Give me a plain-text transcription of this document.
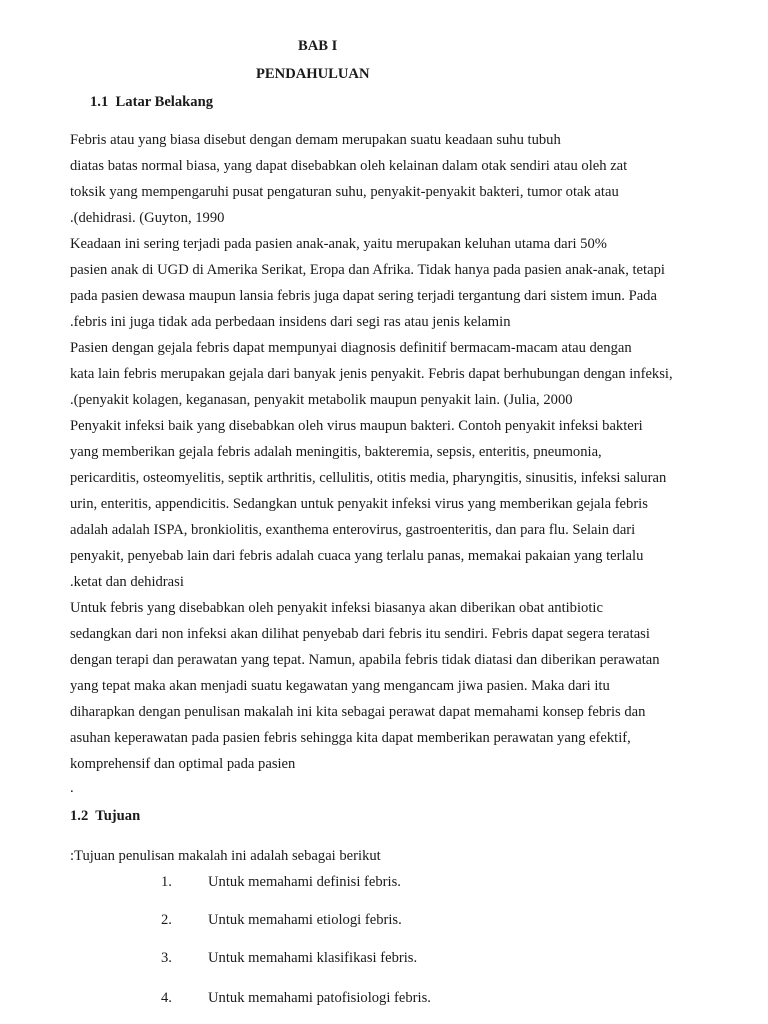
BAB I
PENDAHULUAN
1.1 Latar Belakang
Febris atau yang biasa disebut dengan demam merupakan suatu keadaan suhu tubuh
diatas batas normal biasa, yang dapat disebabkan oleh kelainan dalam otak sendiri atau oleh zat
toksik yang mempengaruhi pusat pengaturan suhu, penyakit-penyakit bakteri, tumor otak atau
.(dehidrasi. (Guyton, 1990
Keadaan ini sering terjadi pada pasien anak-anak, yaitu merupakan keluhan utama dari 50%
pasien anak di UGD di Amerika Serikat, Eropa dan Afrika. Tidak hanya pada pasien anak-anak, tetapi
pada pasien dewasa maupun lansia febris juga dapat sering terjadi tergantung dari sistem imun. Pada
.febris ini juga tidak ada perbedaan insidens dari segi ras atau jenis kelamin
Pasien dengan gejala febris dapat mempunyai diagnosis definitif bermacam-macam atau dengan
kata lain febris merupakan gejala dari banyak jenis penyakit. Febris dapat berhubungan dengan infeksi,
.(penyakit kolagen, keganasan, penyakit metabolik maupun penyakit lain. (Julia, 2000
Penyakit infeksi baik yang disebabkan oleh virus maupun bakteri. Contoh penyakit infeksi bakteri
yang memberikan gejala febris adalah meningitis, bakteremia, sepsis, enteritis, pneumonia,
pericarditis, osteomyelitis, septik arthritis, cellulitis, otitis media, pharyngitis, sinusitis, infeksi saluran
urin, enteritis, appendicitis. Sedangkan untuk penyakit infeksi virus yang memberikan gejala febris
adalah adalah ISPA, bronkiolitis, exanthema enterovirus, gastroenteritis, dan para flu. Selain dari
penyakit, penyebab lain dari febris adalah cuaca yang terlalu panas, memakai pakaian yang terlalu
.ketat dan dehidrasi
Untuk febris yang disebabkan oleh penyakit infeksi biasanya akan diberikan obat antibiotic
sedangkan dari non infeksi akan dilihat penyebab dari febris itu sendiri. Febris dapat segera teratasi
dengan terapi dan perawatan yang tepat. Namun, apabila febris tidak diatasi dan diberikan perawatan
yang tepat maka akan menjadi suatu kegawatan yang mengancam jiwa pasien. Maka dari itu
diharapkan dengan penulisan makalah ini kita sebagai perawat dapat memahami konsep febris dan
asuhan keperawatan pada pasien febris sehingga kita dapat memberikan perawatan yang efektif,
komprehensif dan optimal pada pasien
.
1.2 Tujuan
:Tujuan penulisan makalah ini adalah sebagai berikut
1. Untuk memahami definisi febris.
2. Untuk memahami etiologi febris.
3. Untuk memahami klasifikasi febris.
4. Untuk memahami patofisiologi febris.
